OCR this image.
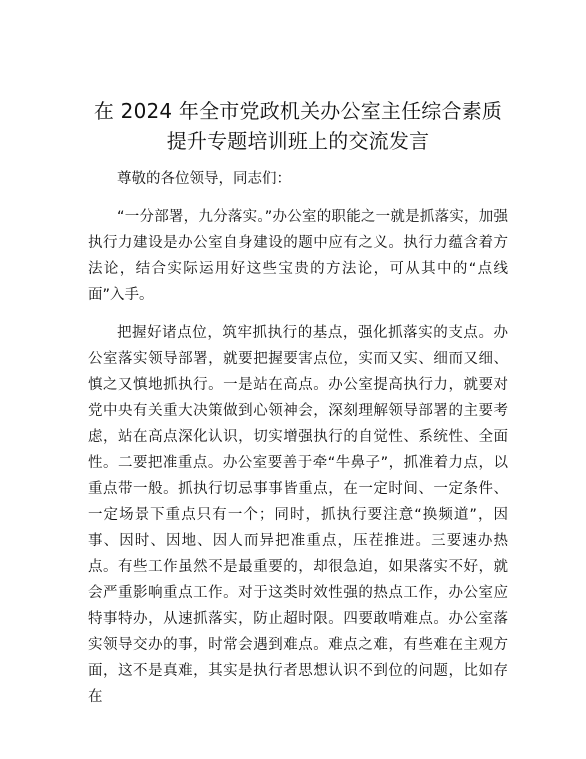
在 2024 年全市党政机关办公室主任综合素质提升专题培训班上的交流发言

尊敬的各位领导，同志们：

“一分部署，九分落实。”办公室的职能之一就是抓落实，加强执行力建设是办公室自身建设的题中应有之义。执行力蕴含着方法论，结合实际运用好这些宝贵的方法论，可从其中的“点线面”入手。

把握好诸点位，筑牢抓执行的基点，强化抓落实的支点。办公室落实领导部署，就要把握要害点位，实而又实、细而又细、慎之又慎地抓执行。一是站在高点。办公室提高执行力，就要对党中央有关重大决策做到心领神会，深刻理解领导部署的主要考虑，站在高点深化认识，切实增强执行的自觉性、系统性、全面性。二要把准重点。办公室要善于牵“牛鼻子”，抓准着力点，以重点带一般。抓执行切忌事事皆重点，在一定时间、一定条件、一定场景下重点只有一个；同时，抓执行要注意“换频道”，因事、因时、因地、因人而异把准重点，压茬推进。三要速办热点。有些工作虽然不是最重要的，却很急迫，如果落实不好，就会严重影响重点工作。对于这类时效性强的热点工作，办公室应特事特办，从速抓落实，防止超时限。四要敢啃难点。办公室落实领导交办的事，时常会遇到难点。难点之难，有些难在主观方面，这不是真难，其实是执行者思想认识不到位的问题，比如存在
